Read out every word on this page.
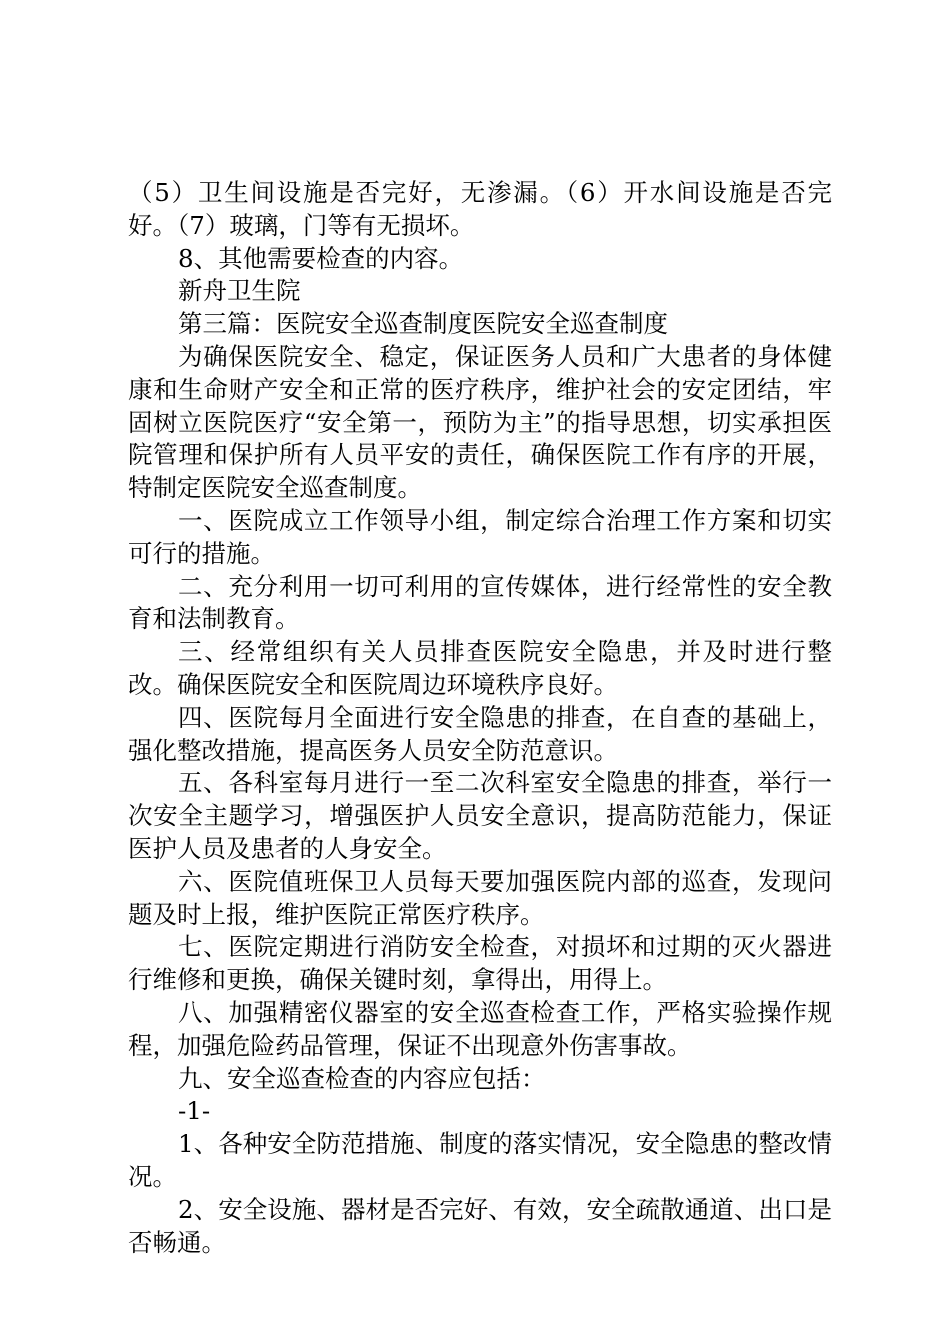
（5）卫生间设施是否完好，无渗漏。（6）开水间设施是否完好。（7）玻璃，门等有无损坏。

8、其他需要检查的内容。

新舟卫生院

第三篇：医院安全巡查制度医院安全巡查制度

为确保医院安全、稳定，保证医务人员和广大患者的身体健康和生命财产安全和正常的医疗秩序，维护社会的安定团结，牢固树立医院医疗“安全第一，预防为主”的指导思想，切实承担医院管理和保护所有人员平安的责任，确保医院工作有序的开展，特制定医院安全巡查制度。

一、医院成立工作领导小组，制定综合治理工作方案和切实可行的措施。

二、充分利用一切可利用的宣传媒体，进行经常性的安全教育和法制教育。

三、经常组织有关人员排查医院安全隐患，并及时进行整改。确保医院安全和医院周边环境秩序良好。

四、医院每月全面进行安全隐患的排查，在自查的基础上，强化整改措施，提高医务人员安全防范意识。

五、各科室每月进行一至二次科室安全隐患的排查，举行一次安全主题学习，增强医护人员安全意识，提高防范能力，保证医护人员及患者的人身安全。

六、医院值班保卫人员每天要加强医院内部的巡查，发现问题及时上报，维护医院正常医疗秩序。

七、医院定期进行消防安全检查，对损坏和过期的灭火器进行维修和更换，确保关键时刻，拿得出，用得上。

八、加强精密仪器室的安全巡查检查工作，严格实验操作规程，加强危险药品管理，保证不出现意外伤害事故。

九、安全巡查检查的内容应包括：

-1-

1、各种安全防范措施、制度的落实情况，安全隐患的整改情况。

2、安全设施、器材是否完好、有效，安全疏散通道、出口是否畅通。
